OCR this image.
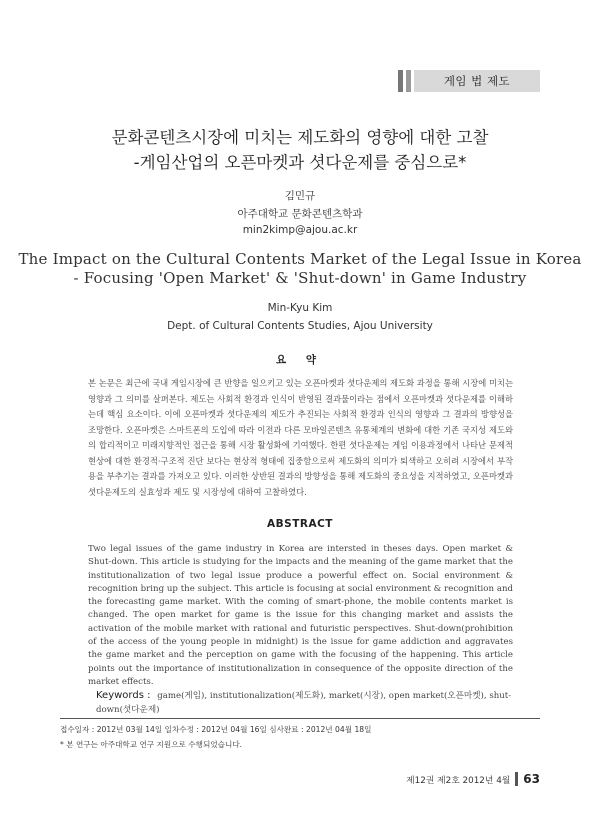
게임 법 제도
문화콘텐츠시장에 미치는 제도화의 영향에 대한 고찰
-게임산업의 오픈마켓과 셧다운제를 중심으로*
김민규
아주대학교 문화콘텐츠학과
min2kimp@ajou.ac.kr
The Impact on the Cultural Contents Market of the Legal Issue in Korea
- Focusing 'Open Market' & 'Shut-down' in Game Industry
Min-Kyu Kim
Dept. of Cultural Contents Studies, Ajou University
요 약
본 논문은 최근에 국내 게임시장에 큰 반향을 일으키고 있는 오픈마켓과 셧다운제의 제도화 과정을 통해 시장에 미치는 영향과 그 의미를 살펴본다. 제도는 사회적 환경과 인식이 반영된 결과물이라는 점에서 오픈마켓과 셧다운제를 이해하는데 핵심 요소이다. 이에 오픈마켓과 셧다운제의 제도가 추진되는 사회적 환경과 인식의 영향과 그 결과의 방향성을 조망한다. 오픈마켓은 스마트폰의 도입에 따라 이전과 다른 모바일콘텐츠 유통체계의 변화에 대한 기존 국지성 제도와의 합리적이고 미래지향적인 접근을 통해 시장 활성화에 기여했다. 한편 셧다운제는 게임 이용과정에서 나타난 문제적 현상에 대한 환경적·구조적 진단 보다는 현상적 형태에 집중함으로써 제도화의 의미가 퇴색하고 오히려 시장에서 부작용을 부추기는 결과를 가져오고 있다. 이러한 상반된 결과의 방향성을 통해 제도화의 중요성을 지적하였고, 오픈마켓과 셧다운제도의 실효성과 제도 및 시장성에 대하여 고찰하였다.
ABSTRACT
Two legal issues of the game industry in Korea are intersted in theses days. Open market & Shut-down. This article is studying for the impacts and the meaning of the game market that the institutionalization of two legal issue produce a powerful effect on. Social environment & recognition bring up the subject. This article is focusing at social environment & recognition and the forecasting game market. With the coming of smart-phone, the mobile contents market is changed. The open market for game is the issue for this changing market and assists the activation of the mobile market with rational and futuristic perspectives. Shut-down(prohibition of the access of the young people in midnight) is the issue for game addiction and aggravates the game market and the perception on game with the focusing of the happening. This article points out the importance of institutionalization in consequence of the opposite direction of the market effects.
Keywords : game(게임), institutionalization(제도화), market(시장), open market(오픈마켓), shut-down(셧다운제)
접수일자 : 2012년 03월 14일 일차수정 : 2012년 04월 16일 심사완료 : 2012년 04월 18일
* 본 연구는 아주대학교 연구 지원으로 수행되었습니다.
제12권 제2호 2012년 4월 63
